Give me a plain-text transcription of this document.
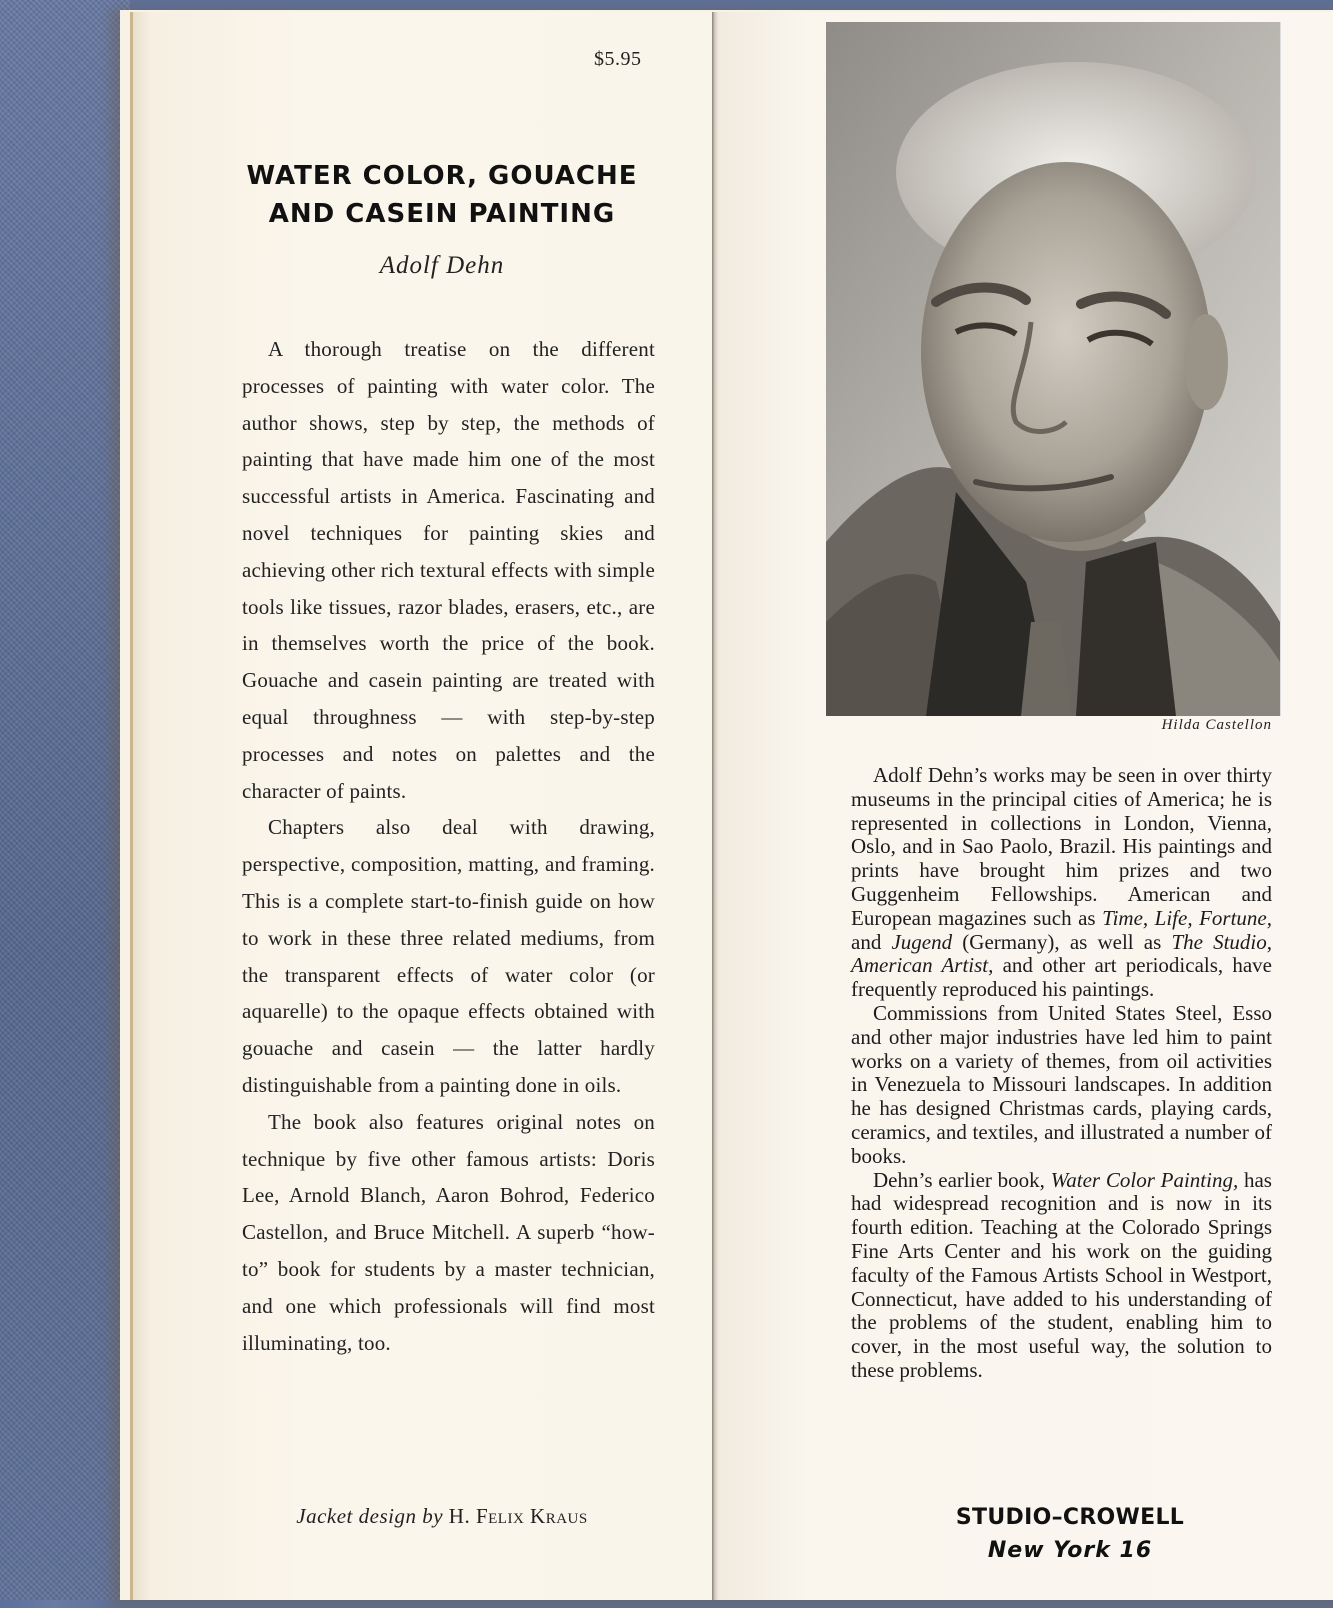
$5.95
WATER COLOR, GOUACHE
AND CASEIN PAINTING
Adolf Dehn

A thorough treatise on the different processes of painting with water color. The author shows, step by step, the methods of painting that have made him one of the most successful artists in America. Fascinating and novel techniques for painting skies and achieving other rich textural effects with simple tools like tissues, razor blades, erasers, etc., are in themselves worth the price of the book. Gouache and casein painting are treated with equal throughness — with step-by-step processes and notes on palettes and the character of paints.

Chapters also deal with drawing, perspective, composition, matting, and framing. This is a complete start-to-finish guide on how to work in these three related mediums, from the transparent effects of water color (or aquarelle) to the opaque effects obtained with gouache and casein — the latter hardly distinguishable from a painting done in oils.

The book also features original notes on technique by five other famous artists: Doris Lee, Arnold Blanch, Aaron Bohrod, Federico Castellon, and Bruce Mitchell. A superb “how-to” book for students by a master technician, and one which professionals will find most illuminating, too.

Jacket design by H. Felix Kraus
Hilda Castellon

Adolf Dehn’s works may be seen in over thirty museums in the principal cities of America; he is represented in collections in London, Vienna, Oslo, and in Sao Paolo, Brazil. His paintings and prints have brought him prizes and two Guggenheim Fellowships. American and European magazines such as Time, Life, Fortune, and Jugend (Germany), as well as The Studio, American Artist, and other art periodicals, have frequently reproduced his paintings.

Commissions from United States Steel, Esso and other major industries have led him to paint works on a variety of themes, from oil activities in Venezuela to Missouri landscapes. In addition he has designed Christmas cards, playing cards, ceramics, and textiles, and illustrated a number of books.

Dehn’s earlier book, Water Color Painting, has had widespread recognition and is now in its fourth edition. Teaching at the Colorado Springs Fine Arts Center and his work on the guiding faculty of the Famous Artists School in Westport, Connecticut, have added to his understanding of the problems of the student, enabling him to cover, in the most useful way, the solution to these problems.

STUDIO–CROWELL
New York 16
